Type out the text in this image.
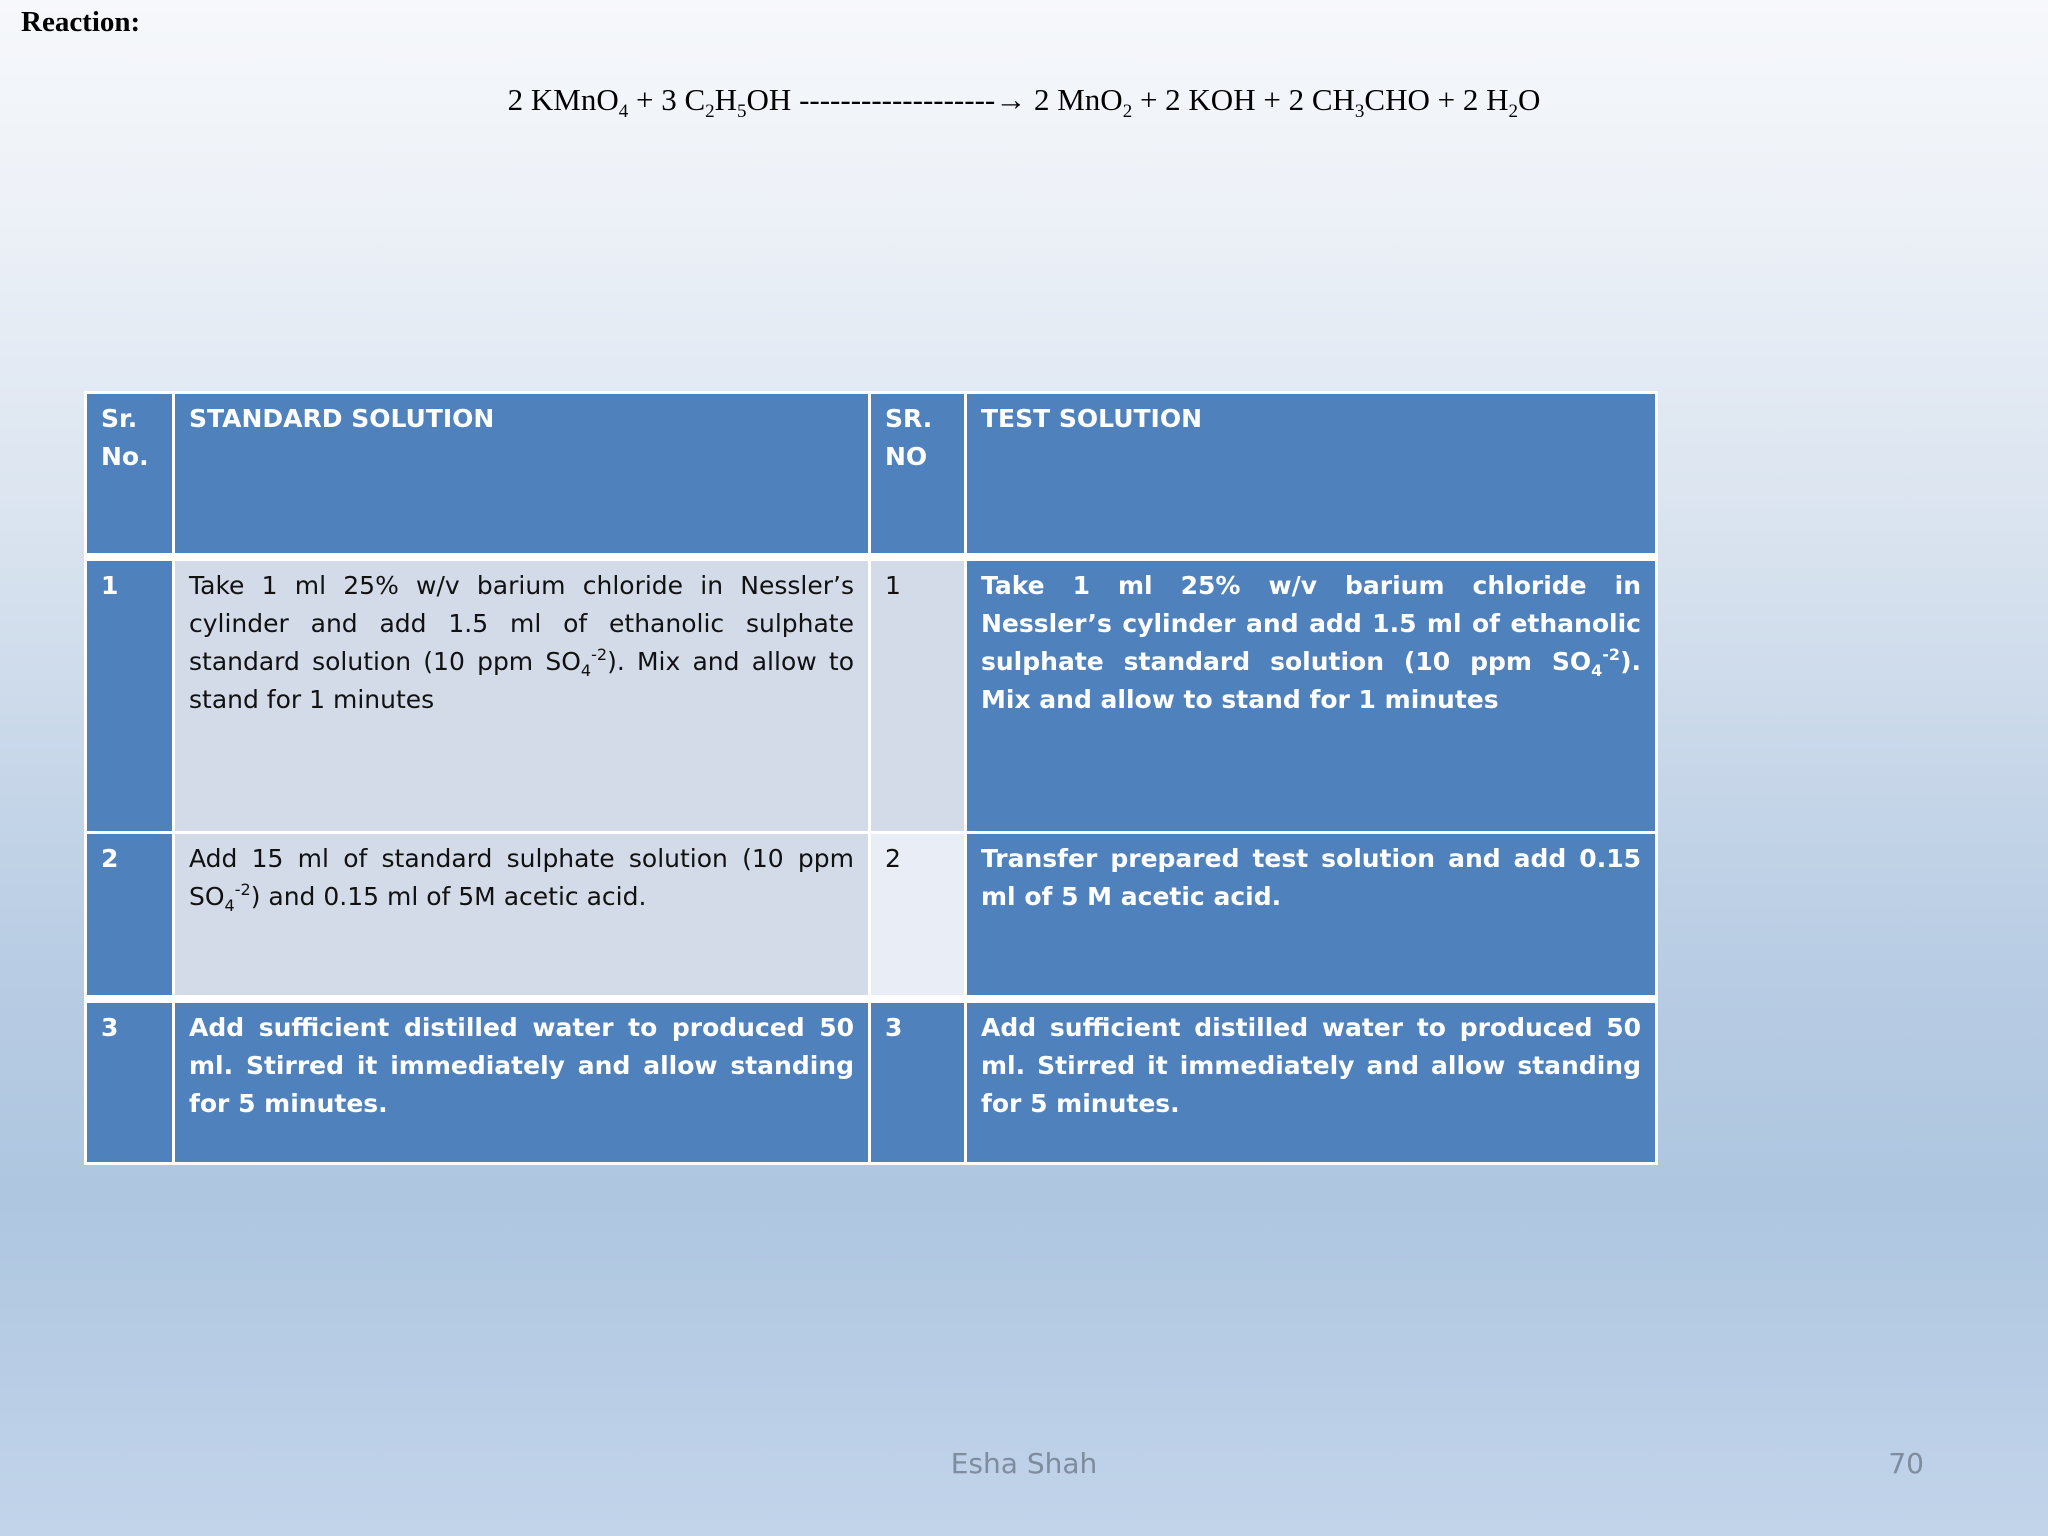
Reaction:
2 KMnO$_4$ + 3 $C_2H_5OH$ -------------------→ 2 MnO$_2$ + 2 KOH + 2 $CH_3CHO + 2$ $H_2O$
Sr. No.	STANDARD SOLUTION	SR. NO	TEST SOLUTION
1	Take 1 ml 25% w/v barium chloride in Nessler’s cylinder and add 1.5 ml of ethanolic sulphate standard solution (10 ppm $SO_4^{-2}$). Mix and allow to stand for 1 minutes	1	Take 1 ml 25% w/v barium chloride in Nessler’s cylinder and add 1.5 ml of ethanolic sulphate standard solution (10 ppm $SO_4^{-2}$). Mix and allow to stand for 1 minutes
2	Add 15 ml of standard sulphate solution (10 ppm $SO_4^{-2}$) and 0.15 ml of 5M acetic acid.	2	Transfer prepared test solution and add 0.15 ml of 5 M acetic acid.
3	Add sufficient distilled water to produced 50 ml. Stirred it immediately and allow standing for 5 minutes.	3	Add sufficient distilled water to produced 50 ml. Stirred it immediately and allow standing for 5 minutes.
Esha Shah	70
